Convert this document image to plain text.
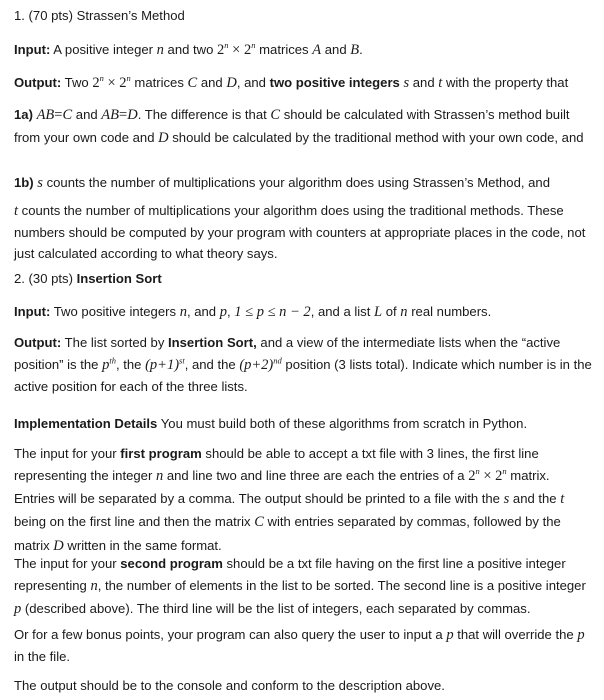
1. (70 pts) Strassen’s Method

Input: A positive integer n and two $2^n \times 2^n$ matrices A and B.

Output: Two $2^n \times 2^n$ matrices C and D, and two positive integers s and t with the property that

1a) AB=C and AB=D. The difference is that C should be calculated with Strassen’s method built from your own code and D should be calculated by the traditional method with your own code, and

1b) s counts the number of multiplications your algorithm does using Strassen’s Method, and

t counts the number of multiplications your algorithm does using the traditional methods. These numbers should be computed by your program with counters at appropriate places in the code, not just calculated according to what theory says.

2. (30 pts) Insertion Sort

Input: Two positive integers n, and p, 1 ≤ p ≤ n − 2, and a list L of n real numbers.

Output: The list sorted by Insertion Sort, and a view of the intermediate lists when the “active position” is the $p^{th}$, the $(p+1)^{st}$, and the $(p+2)^{nd}$ position (3 lists total). Indicate which number is in the active position for each of the three lists.

Implementation Details You must build both of these algorithms from scratch in Python.

The input for your first program should be able to accept a txt file with 3 lines, the first line representing the integer n and line two and line three are each the entries of a $2^n \times 2^n$ matrix. Entries will be separated by a comma. The output should be printed to a file with the s and the t being on the first line and then the matrix C with entries separated by commas, followed by the matrix D written in the same format.

The input for your second program should be a txt file having on the first line a positive integer representing n, the number of elements in the list to be sorted. The second line is a positive integer p (described above). The third line will be the list of integers, each separated by commas.

Or for a few bonus points, your program can also query the user to input a p that will override the p in the file.

The output should be to the console and conform to the description above.
